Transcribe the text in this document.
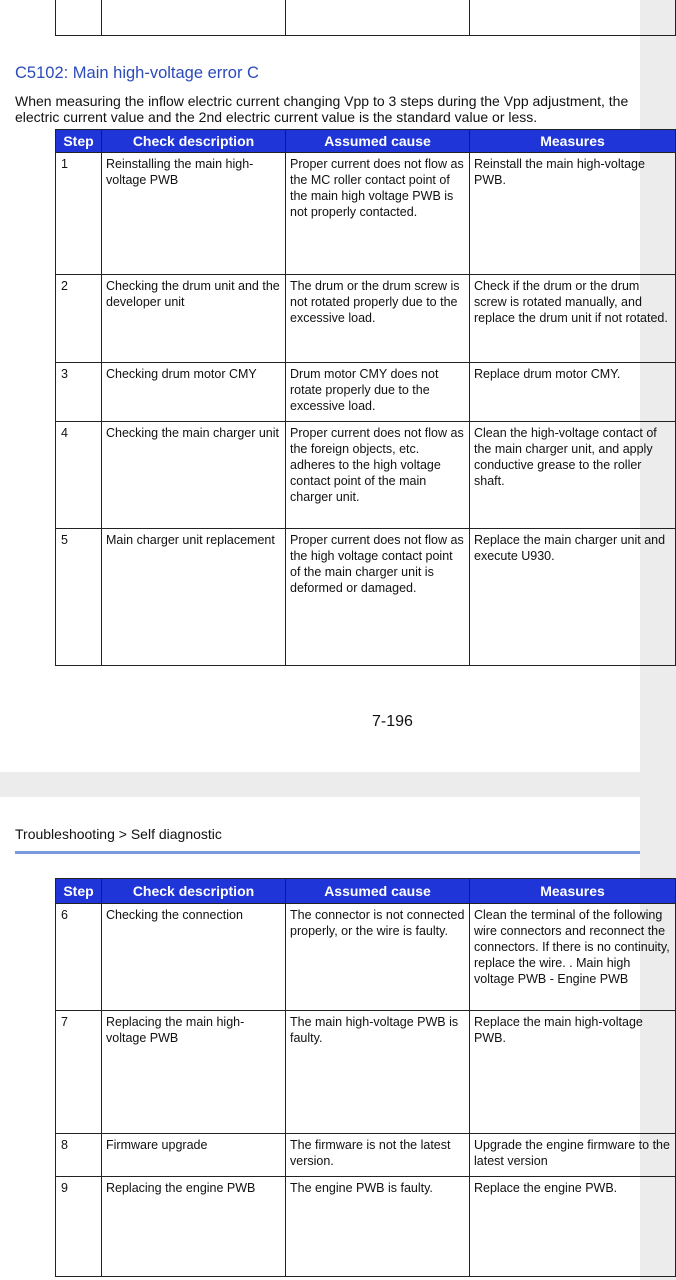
C5102: Main high-voltage error C
When measuring the inflow electric current changing Vpp to 3 steps during the Vpp adjustment, the
electric current value and the 2nd electric current value is the standard value or less.
Step	Check description	Assumed cause	Measures
1	Reinstalling the main high-voltage PWB	Proper current does not flow as the MC roller contact point of the main high voltage PWB is not properly contacted.	Reinstall the main high-voltage PWB.
2	Checking the drum unit and the developer unit	The drum or the drum screw is not rotated properly due to the excessive load.	Check if the drum or the drum screw is rotated manually, and replace the drum unit if not rotated.
3	Checking drum motor CMY	Drum motor CMY does not rotate properly due to the excessive load.	Replace drum motor CMY.
4	Checking the main charger unit	Proper current does not flow as the foreign objects, etc. adheres to the high voltage contact point of the main charger unit.	Clean the high-voltage contact of the main charger unit, and apply conductive grease to the roller shaft.
5	Main charger unit replacement	Proper current does not flow as the high voltage contact point of the main charger unit is deformed or damaged.	Replace the main charger unit and execute U930.
7-196
Troubleshooting > Self diagnostic
Step	Check description	Assumed cause	Measures
6	Checking the connection	The connector is not connected properly, or the wire is faulty.	Clean the terminal of the following wire connectors and reconnect the connectors. If there is no continuity, replace the wire. . Main high voltage PWB - Engine PWB
7	Replacing the main high-voltage PWB	The main high-voltage PWB is faulty.	Replace the main high-voltage PWB.
8	Firmware upgrade	The firmware is not the latest version.	Upgrade the engine firmware to the latest version
9	Replacing the engine PWB	The engine PWB is faulty.	Replace the engine PWB.
